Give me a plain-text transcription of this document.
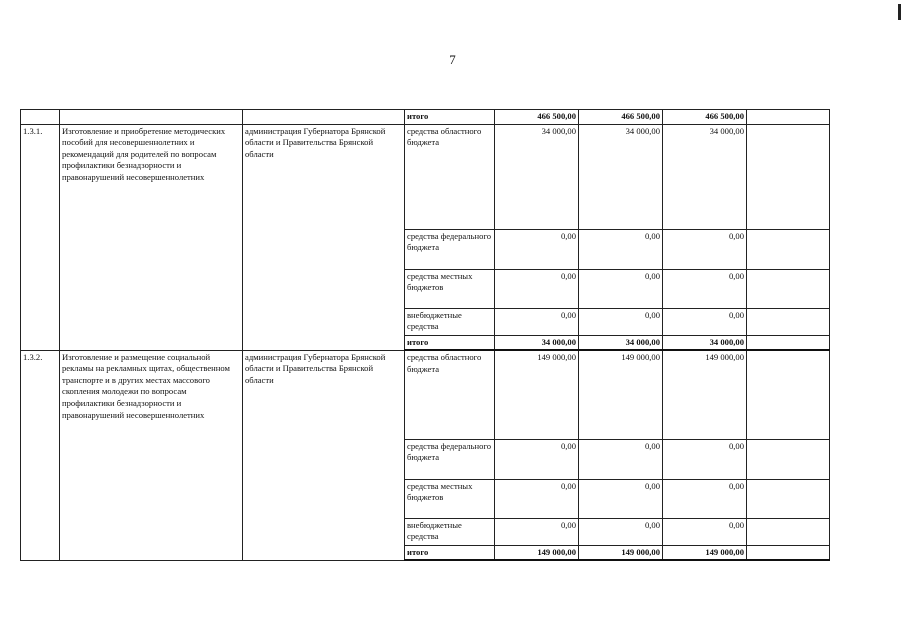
7
			итого	466 500,00	466 500,00	466 500,00	
1.3.1.	Изготовление и приобретение методических пособий для несовершеннолетних и рекомендаций для родителей по вопросам профилактики безнадзорности и правонарушений несовершеннолетних	администрация Губернатора Брянской области и Правительства Брянской области	средства областного бюджета	34 000,00	34 000,00	34 000,00	
			средства федерального бюджета	0,00	0,00	0,00	
			средства местных бюджетов	0,00	0,00	0,00	
			внебюджетные средства	0,00	0,00	0,00	
			итого	34 000,00	34 000,00	34 000,00	
1.3.2.	Изготовление и размещение социальной рекламы на рекламных щитах, общественном транспорте и в других местах массового скопления молодежи по вопросам профилактики безнадзорности и правонарушений несовершеннолетних	администрация Губернатора Брянской области и Правительства Брянской области	средства областного бюджета	149 000,00	149 000,00	149 000,00	
			средства федерального бюджета	0,00	0,00	0,00	
			средства местных бюджетов	0,00	0,00	0,00	
			внебюджетные средства	0,00	0,00	0,00	
			итого	149 000,00	149 000,00	149 000,00	
